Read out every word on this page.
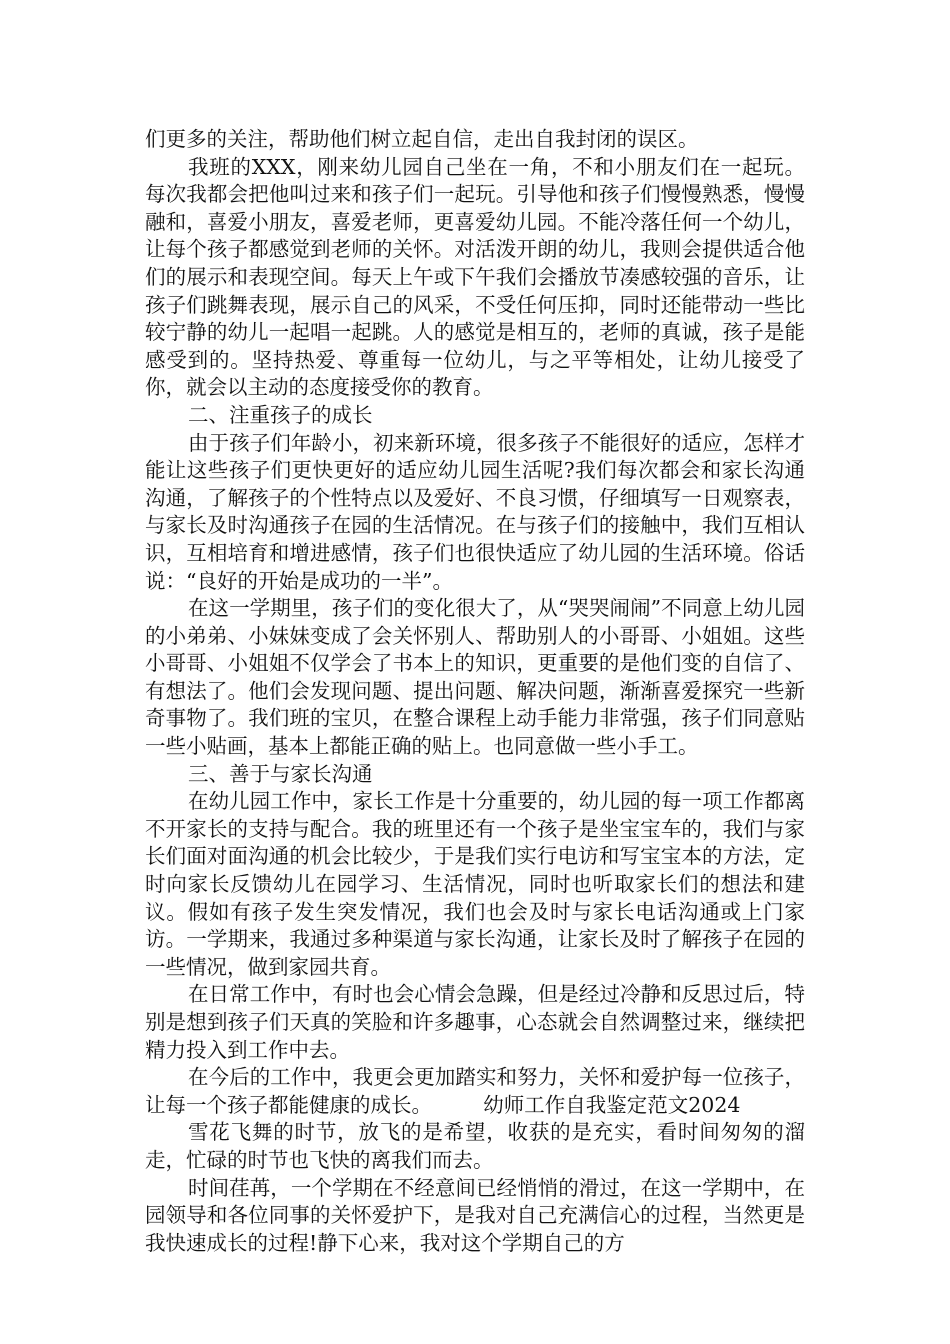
们更多的关注，帮助他们树立起自信，走出自我封闭的误区。

我班的XXX，刚来幼儿园自己坐在一角，不和小朋友们在一起玩。每次我都会把他叫过来和孩子们一起玩。引导他和孩子们慢慢熟悉，慢慢融和，喜爱小朋友，喜爱老师，更喜爱幼儿园。不能冷落任何一个幼儿，让每个孩子都感觉到老师的关怀。对活泼开朗的幼儿，我则会提供适合他们的展示和表现空间。每天上午或下午我们会播放节凑感较强的音乐，让孩子们跳舞表现，展示自己的风采，不受任何压抑，同时还能带动一些比较宁静的幼儿一起唱一起跳。人的感觉是相互的，老师的真诚，孩子是能感受到的。坚持热爱、尊重每一位幼儿，与之平等相处，让幼儿接受了你，就会以主动的态度接受你的教育。

二、注重孩子的成长

由于孩子们年龄小，初来新环境，很多孩子不能很好的适应，怎样才能让这些孩子们更快更好的适应幼儿园生活呢?我们每次都会和家长沟通沟通，了解孩子的个性特点以及爱好、不良习惯，仔细填写一日观察表，与家长及时沟通孩子在园的生活情况。在与孩子们的接触中，我们互相认识，互相培育和增进感情，孩子们也很快适应了幼儿园的生活环境。俗话说：“良好的开始是成功的一半”。

在这一学期里，孩子们的变化很大了，从“哭哭闹闹”不同意上幼儿园的小弟弟、小妹妹变成了会关怀别人、帮助别人的小哥哥、小姐姐。这些小哥哥、小姐姐不仅学会了书本上的知识，更重要的是他们变的自信了、有想法了。他们会发现问题、提出问题、解决问题，渐渐喜爱探究一些新奇事物了。我们班的宝贝，在整合课程上动手能力非常强，孩子们同意贴一些小贴画，基本上都能正确的贴上。也同意做一些小手工。

三、善于与家长沟通

在幼儿园工作中，家长工作是十分重要的，幼儿园的每一项工作都离不开家长的支持与配合。我的班里还有一个孩子是坐宝宝车的，我们与家长们面对面沟通的机会比较少，于是我们实行电访和写宝宝本的方法，定时向家长反馈幼儿在园学习、生活情况，同时也听取家长们的想法和建议。假如有孩子发生突发情况，我们也会及时与家长电话沟通或上门家访。一学期来，我通过多种渠道与家长沟通，让家长及时了解孩子在园的一些情况，做到家园共育。

在日常工作中，有时也会心情会急躁，但是经过冷静和反思过后，特别是想到孩子们天真的笑脸和许多趣事，心态就会自然调整过来，继续把精力投入到工作中去。

在今后的工作中，我更会更加踏实和努力，关怀和爱护每一位孩子，让每一个孩子都能健康的成长。　　　幼师工作自我鉴定范文2024

雪花飞舞的时节，放飞的是希望，收获的是充实，看时间匆匆的溜走，忙碌的时节也飞快的离我们而去。

时间荏苒，一个学期在不经意间已经悄悄的滑过，在这一学期中，在园领导和各位同事的关怀爱护下，是我对自己充满信心的过程，当然更是我快速成长的过程!静下心来，我对这个学期自己的方
